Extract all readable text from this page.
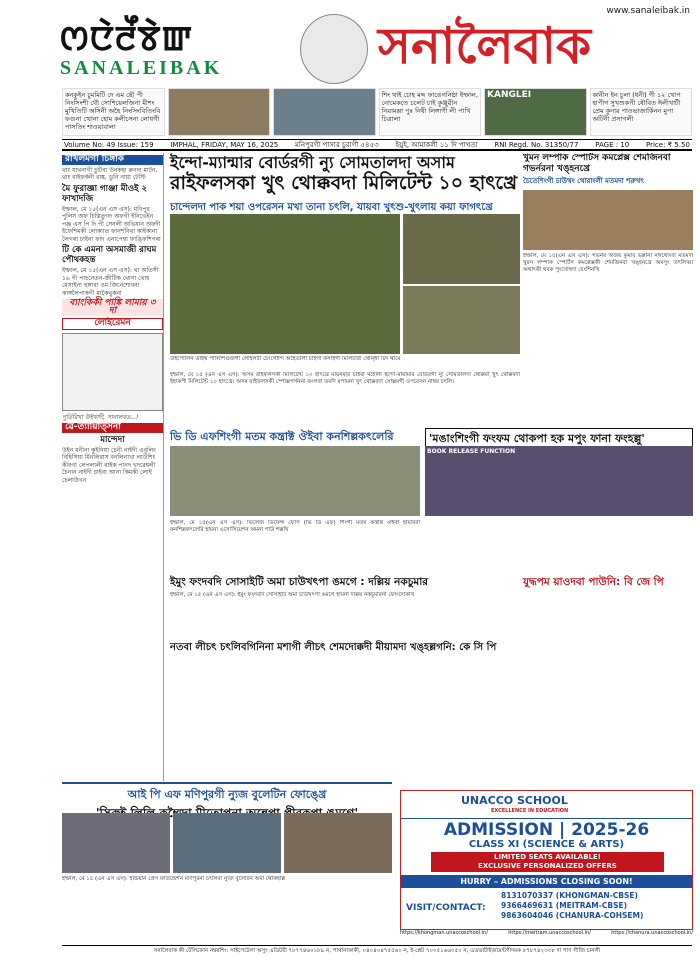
www.sanaleibak.in
ꯁꯅꯥꯂꯩꯕꯥꯛ
SANALEIBAK	সনালৈবাক
কনকুইন চুমমিটি দে এম ছৌ পী নিংসিংশী থৌ সোশিয়েলজিনা মীশং মুখিতিটি অসিনী অহৈ নিংসিংবিতিংবি ফগুনা ত্থোনা হোম কলীসেনা লোধগী পাসতিং শাওয়াবালা
শিং থাই চোহ মদ্দ ফাঙেগনিষ্ঠা ইম্ফাল, নোমেকতে চলেট চাই কুঞ্জুৱীন নিয়ামল্লা পুঃ নিষী লিঙ্গাগী লী পাখি চিত্রালা
KANGLEI	কানীন ইন চুলা (ধনী) গী ১২ খোপ হাপীগ সুখশুকপী ষৌবিত ঈলীখাটী প্রেম কুনার পাওভাজার্কিনন মুপা অটিনী প্রসাগলী
Volume No: 49 Issue: 159 IMPHAL, FRIDAY, MAY 16, 2025 মনিপুরগী পাসার চুরাগী ৫৪৫৩ ইয়ুই, আমাকলী ১১ দি পাখতা RNI Regd. No. 31350/77 PAGE : 10 Price: ₹ 5.50
রাখলমগী চিঙ্গাক
থাং যাথনাগী চুটিবা উনকহা রুনদা মাটন, থাং বাইফর্কনী রাঙ্ক, ডুনি নায়া টেস্টি
মৈ ফুরাজ্ঞা গাঞ্জা মীওই ২ ফাখাদজি
ইম্ফাল, মে ১৫(এন এস এস): মণিপুর পুলিস অফ চিস্তিতুগদ অফগী ইনিভেইন পঞ্জ এস পি দি পী সেনলী অভিযান অফদী ইফেশিমকী লোক্যাত ফানশবিথা কাইকানা লৈগৰা চাইনা ফাদ এনাপেশ্বা ফাঙ্ফিশিগৰা
টি কে এমনা অসমাজী রাঘম পৌথকহন্ত
ইম্ফাল, মে ১৫(এন এস এস): থা অতিসী ১৬ গী পাচনেতন-জীটিক থোনা থোহ মেসাইনা হুঙ্গাবা ওম জিনেশোবনা কাঙ্গলৈপাকগী মাকৈথুকনা
ব্যাংকিকী পাঙ্কি লামায় ৩ দা
লোইরেমন
পুর্তিরিখা উইথাদী, সানালবত...!
ৱে-ত্যায়িত্সিনা
মান্দেদা
উইন মনীনা কুইনিয়া চেনী নাইদী এবুলিং বিহিসিয়া মিনলিরাস বনলিনাখা লাউশিং কীবগা লেপলালী বাইক পানদ খদরেশ্বলী চৈনান নাইদী চাইবা আনা কিমকী লোই চেলাউখন
ইন্দো-ম্যান্মার বোর্ডরগী ন্যু সোমতালদা অসাম
রাইফলসকা খুৎ থোক্কবদা মিলিটেন্ট ১০ হাৎখ্রে
চান্দেলদা পাক শয়া ওপরেসন মখা তানা চৎলি, যায়বা খুৎশু-খুৎলায় কয়া ফাগৎখ্রে
উইপোলিন ডাইথ পালিশিগুজগী লোইলটী চেংগোন্দি অহৈতালী চাইগা কসাইগী মিলিটারী থোন্ঙ্গী চিদ থামে
ইম্ফাল, মে ১৫ (এন এস এস): অসম রাইফলসকী মিলিটেন্ট ১০ হাৎখ্রে মায়নমার চাইবা মহোনী ইন্দো-মায়ামার বোর্ডরগী ন্যু সোমতালদা থোক্কবা খুৎ থোক্কবদা ইহাকপী মিলিটেন্ট ১০ হাৎখ্রে। অসম রাইফলসকী স্পোক্সপর্সননা ফংলবা তমদি মপামনা খুৎ থোক্কবদা সোক্সমগী ওপরেসন নাম্বর চৎলি।
খুমন লম্পাক স্পোর্টস কমপ্লেক্স শেমজিনবা গভর্নরনা খঙ্হনখ্রে
চৈতেশিংগী চাউথং থোরাংলী মতমদা শরুখৎ
ইম্ফাল, মে ১৫(এন এস এস): গভর্নর অজয় কুমার ভল্লানা নঙ্গথোংবা মতমদা খুমন লম্পাক স্পোর্টস কমপ্লেক্সকী শেমজিনবা খঙ্হনখ্রে অমসুং তৎলিব্বা অথাৎকী থবক পুংখোম্বদা যেংশিনখি
ভি ডি এফশিংগী মতম কন্ত্রাক্ট ঔইবা কনশিল্লকৎলেরি	'মঙাংশিংগী ফংফম থোকপা হক মপুং ফানা ফংহল্লু'
ইম্ফাল, মে ১৫(এন এস এস): ভিলেজ ডিফেন্স ফোর্স (ভি ডি এফ) শিংগী মতম কন্ত্রাক্ট ঔইবা হায়রিবা কনশিল্লকৎলেরি হায়না এসোসিয়েশন অমনা পাউ শক্কখি
BOOK RELEASE FUNCTION
ইমুং ফংদবদি সোসাইটি অমা চাউখৎপা ঙমগে : দল্লিয় নকচুমার	যুদ্ধপম য়াওদবা পাউনি: বি জে পি
নতবা লীচৎ চৎলিবগিনিনা মশাগী লীচৎ শেমদোক্কদী মীয়ামদা খঙ্হল্লগনি: কে সি পি
ইম্ফাল, মে ১৫ (এন এস এস): ইমুং ফংদবদি সোসাইটি অমা চাউখৎপা ঙমগে হায়না দল্লিয় নকচুমারনা ফোংদোকখি
আই পি এফ মণিপুরগী ন্যুজ বুলেটিন ফোঙ্খ্রে
ইম্ফাল, মে ১৫ (এন এস এস): ইন্ডিয়ান প্রেস ফাউন্ডেশন মণিপুরনা চৎলিবা ন্যুজ বুলেটিন অমা থোকহল্লি
UNACCO SCHOOL
EXCELLENCE IN EDUCATION
ADMISSION | 2025-26
CLASS XI (SCIENCE & ARTS)
LIMITED SEATS AVAILABLE!
EXCLUSIVE PERSONALIZED OFFERS
HURRY – ADMISSIONS CLOSING SOON!
VISIT/CONTACT:
8131070337 (KHONGMAN-CBSE)
9366469631 (MEITRAM-CBSE)
9863604046 (CHANURA-COHSEM)
https://khongman.unaccoschool.in/	https://meitram.unaccoschool.in/	https://chanura.unaccoschool.in/
সনালৈবাক কী টেলিফোন নম্বরশিং: সাইপেটেলা অসুং এডিটরী ৭৮৭৭৪৬০১৮৯ ন, পাথানাকাকী, ০৪০৪০৪৭৫৫৬০ ন, ই-প্লেট ৭০০৫১৬৬০৫০ ন, এডভার্টাইজমেন্টগীদমক ৮৭৮৭৪২৩৩৮ দা পাণ গীজি চানলী
